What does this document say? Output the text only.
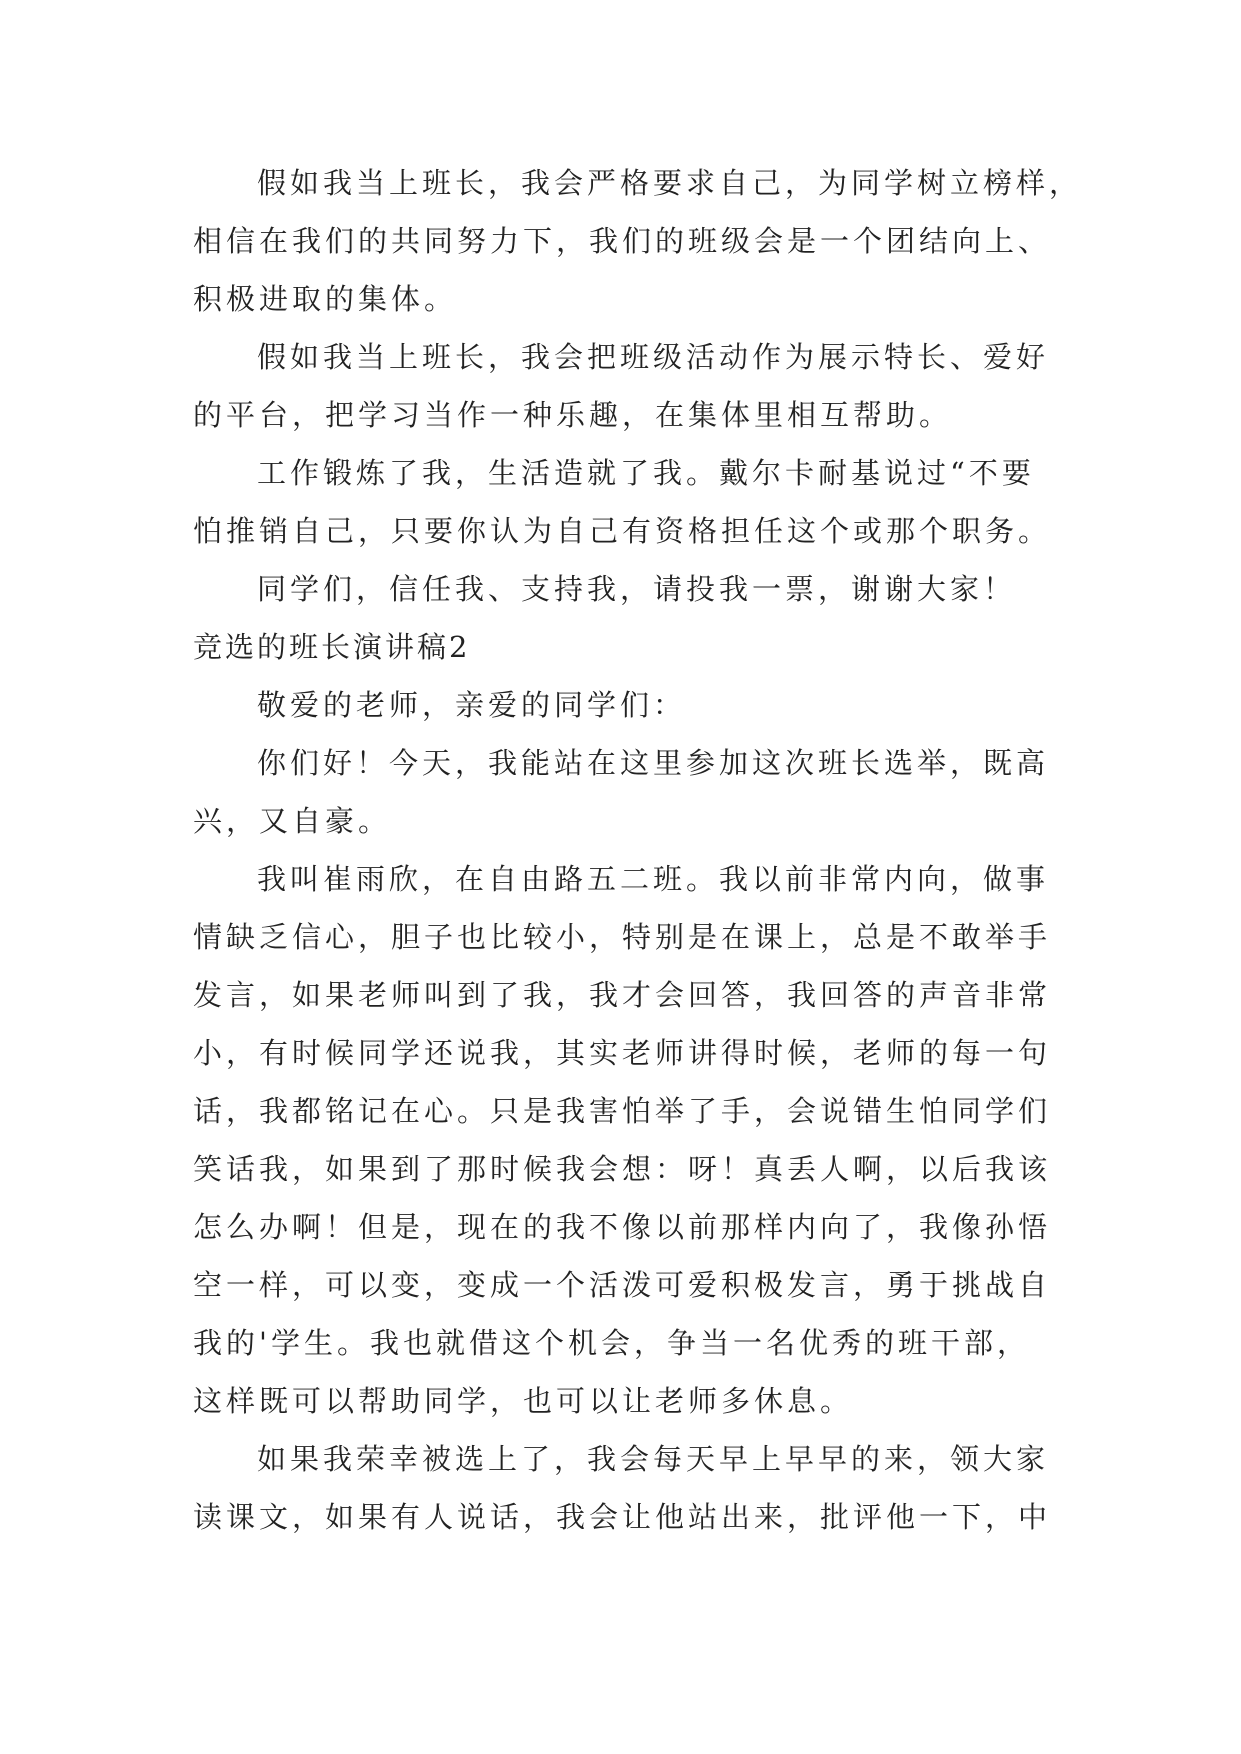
假如我当上班长，我会严格要求自己，为同学树立榜样，
相信在我们的共同努力下，我们的班级会是一个团结向上、
积极进取的集体。
假如我当上班长，我会把班级活动作为展示特长、爱好
的平台，把学习当作一种乐趣，在集体里相互帮助。
工作锻炼了我，生活造就了我。戴尔卡耐基说过“不要
怕推销自己，只要你认为自己有资格担任这个或那个职务。
同学们，信任我、支持我，请投我一票，谢谢大家！
竞选的班长演讲稿2
敬爱的老师，亲爱的同学们：
你们好！今天，我能站在这里参加这次班长选举，既高
兴，又自豪。
我叫崔雨欣，在自由路五二班。我以前非常内向，做事
情缺乏信心，胆子也比较小，特别是在课上，总是不敢举手
发言，如果老师叫到了我，我才会回答，我回答的声音非常
小，有时候同学还说我，其实老师讲得时候，老师的每一句
话，我都铭记在心。只是我害怕举了手，会说错生怕同学们
笑话我，如果到了那时候我会想：呀！真丢人啊，以后我该
怎么办啊！但是，现在的我不像以前那样内向了，我像孙悟
空一样，可以变，变成一个活泼可爱积极发言，勇于挑战自
我的'学生。我也就借这个机会，争当一名优秀的班干部，
这样既可以帮助同学，也可以让老师多休息。
如果我荣幸被选上了，我会每天早上早早的来，领大家
读课文，如果有人说话，我会让他站出来，批评他一下，中
